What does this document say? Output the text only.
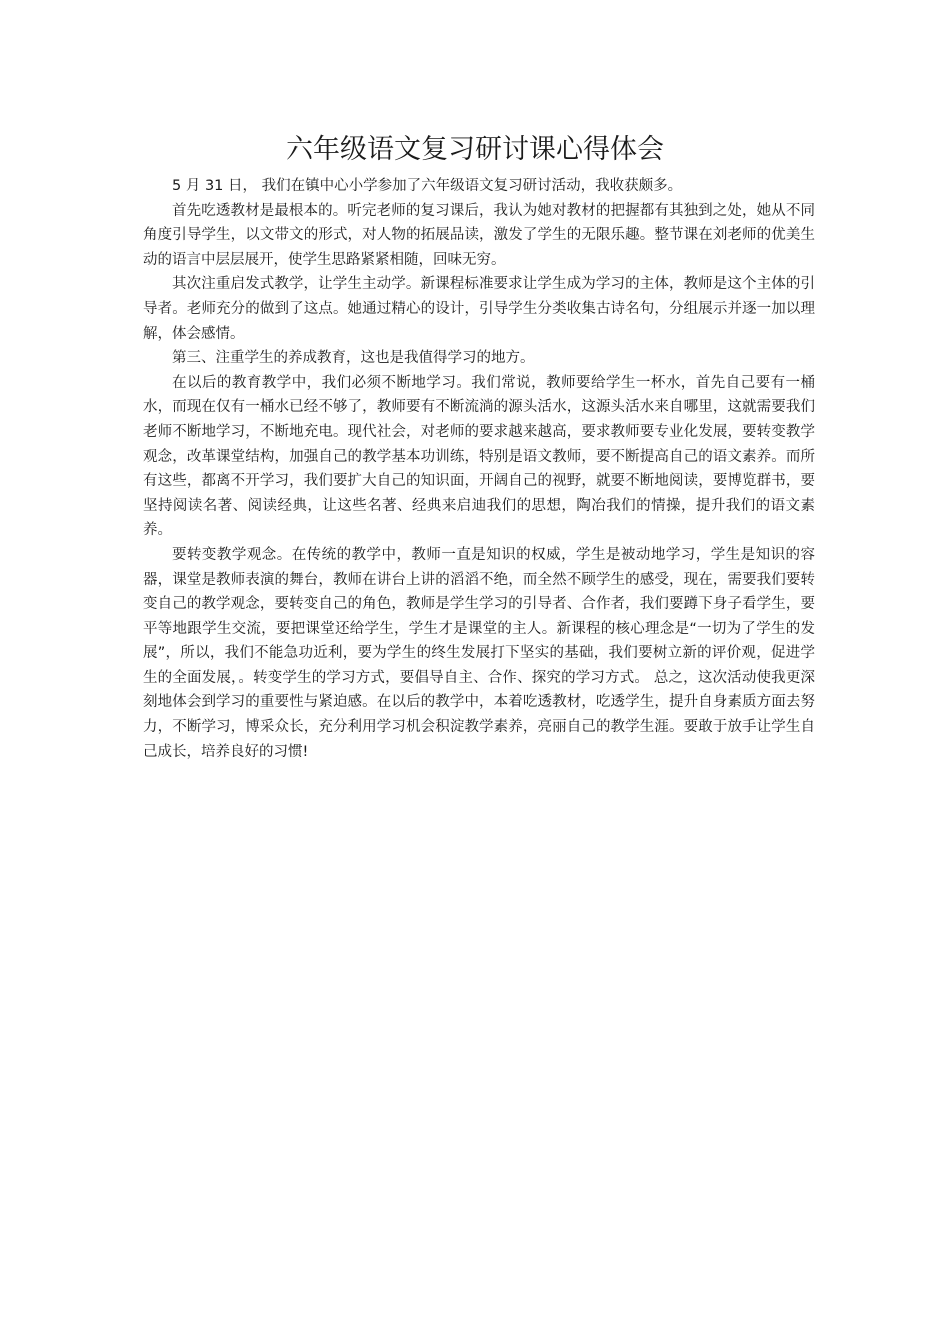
六年级语文复习研讨课心得体会

5 月 31 日， 我们在镇中心小学参加了六年级语文复习研讨活动，我收获颇多。

首先吃透教材是最根本的。听完老师的复习课后，我认为她对教材的把握都有其独到之处，她从不同角度引导学生，以文带文的形式，对人物的拓展品读，激发了学生的无限乐趣。整节课在刘老师的优美生动的语言中层层展开，使学生思路紧紧相随，回味无穷。

其次注重启发式教学，让学生主动学。新课程标准要求让学生成为学习的主体，教师是这个主体的引导者。老师充分的做到了这点。她通过精心的设计，引导学生分类收集古诗名句，分组展示并逐一加以理解，体会感情。

第三、注重学生的养成教育，这也是我值得学习的地方。

在以后的教育教学中，我们必须不断地学习。我们常说，教师要给学生一杯水，首先自己要有一桶水，而现在仅有一桶水已经不够了，教师要有不断流淌的源头活水，这源头活水来自哪里，这就需要我们老师不断地学习，不断地充电。现代社会，对老师的要求越来越高，要求教师要专业化发展，要转变教学观念，改革课堂结构，加强自己的教学基本功训练，特别是语文教师，要不断提高自己的语文素养。而所有这些，都离不开学习，我们要扩大自己的知识面，开阔自己的视野，就要不断地阅读，要博览群书，要坚持阅读名著、阅读经典，让这些名著、经典来启迪我们的思想，陶冶我们的情操，提升我们的语文素养。

要转变教学观念。在传统的教学中，教师一直是知识的权威，学生是被动地学习，学生是知识的容器，课堂是教师表演的舞台，教师在讲台上讲的滔滔不绝，而全然不顾学生的感受，现在，需要我们要转变自己的教学观念，要转变自己的角色，教师是学生学习的引导者、合作者，我们要蹲下身子看学生，要平等地跟学生交流，要把课堂还给学生，学生才是课堂的主人。新课程的核心理念是“一切为了学生的发展”，所以，我们不能急功近利，要为学生的终生发展打下坚实的基础，我们要树立新的评价观，促进学生的全面发展，。转变学生的学习方式，要倡导自主、合作、探究的学习方式。 总之，这次活动使我更深刻地体会到学习的重要性与紧迫感。在以后的教学中，本着吃透教材，吃透学生，提升自身素质方面去努力，不断学习，博采众长，充分利用学习机会积淀教学素养，亮丽自己的教学生涯。要敢于放手让学生自己成长，培养良好的习惯!
